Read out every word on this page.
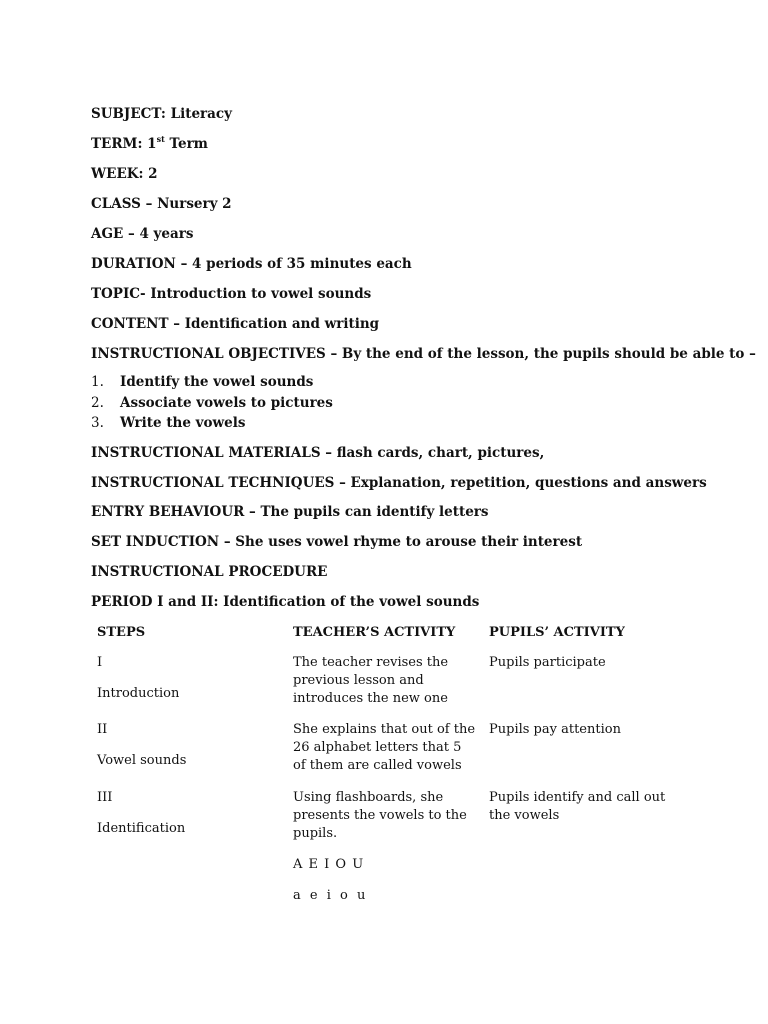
SUBJECT: Literacy

TERM: 1st Term

WEEK: 2

CLASS – Nursery 2

AGE – 4 years

DURATION – 4 periods of 35 minutes each

TOPIC- Introduction to vowel sounds

CONTENT – Identification and writing

INSTRUCTIONAL OBJECTIVES – By the end of the lesson, the pupils should be able to –

1. Identify the vowel sounds
2. Associate vowels to pictures
3. Write the vowels

INSTRUCTIONAL MATERIALS – flash cards, chart, pictures,

INSTRUCTIONAL TECHNIQUES – Explanation, repetition, questions and answers

ENTRY BEHAVIOUR – The pupils can identify letters

SET INDUCTION – She uses vowel rhyme to arouse their interest

INSTRUCTIONAL PROCEDURE

PERIOD I and II: Identification of the vowel sounds

STEPS	TEACHER’S ACTIVITY	PUPILS’ ACTIVITY
I
Introduction
The teacher revises the previous lesson and introduces the new one
Pupils participate
II
Vowel sounds
She explains that out of the 26 alphabet letters that 5 of them are called vowels
Pupils pay attention
III
Identification
Using flashboards, she presents the vowels to the pupils.
A E I O U
a e i o u
Pupils identify and call out the vowels
